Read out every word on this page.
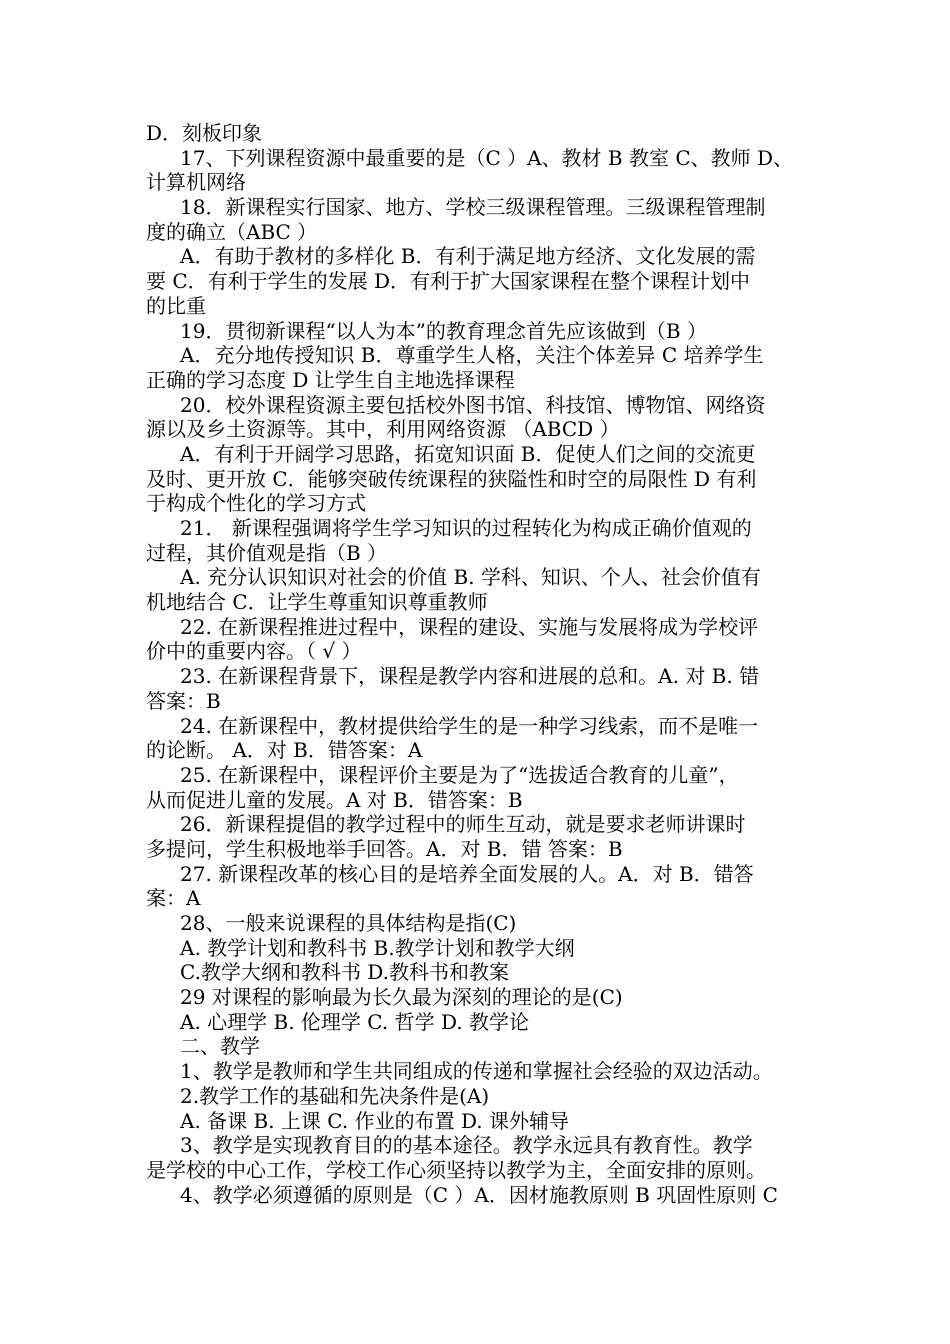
D．刻板印象
17、下列课程资源中最重要的是（C ）A、教材 B 教室 C、教师 D、
计算机网络
18．新课程实行国家、地方、学校三级课程管理。三级课程管理制
度的确立（ABC ）
A．有助于教材的多样化 B．有利于满足地方经济、文化发展的需
要 C．有利于学生的发展 D．有利于扩大国家课程在整个课程计划中
的比重
19．贯彻新课程“以人为本”的教育理念首先应该做到（B ）
A．充分地传授知识 B．尊重学生人格，关注个体差异 C 培养学生
正确的学习态度 D 让学生自主地选择课程
20．校外课程资源主要包括校外图书馆、科技馆、博物馆、网络资
源以及乡土资源等。其中，利用网络资源 （ABCD ）
A．有利于开阔学习思路，拓宽知识面 B．促使人们之间的交流更
及时、更开放 C．能够突破传统课程的狭隘性和时空的局限性 D 有利
于构成个性化的学习方式
21． 新课程强调将学生学习知识的过程转化为构成正确价值观的
过程，其价值观是指（B ）
A. 充分认识知识对社会的价值 B. 学科、知识、个人、社会价值有
机地结合 C．让学生尊重知识尊重教师
22. 在新课程推进过程中，课程的建设、实施与发展将成为学校评
价中的重要内容。（ √ ）
23. 在新课程背景下，课程是教学内容和进展的总和。A. 对 B. 错
答案：B
24. 在新课程中，教材提供给学生的是一种学习线索，而不是唯一
的论断。 A．对 B．错答案：A
25. 在新课程中，课程评价主要是为了“选拔适合教育的儿童”，
从而促进儿童的发展。A 对 B．错答案：B
26．新课程提倡的教学过程中的师生互动，就是要求老师讲课时
多提问，学生积极地举手回答。A．对 B．错 答案：B
27. 新课程改革的核心目的是培养全面发展的人。A．对 B．错答
案：A
28、一般来说课程的具体结构是指(C)
A. 教学计划和教科书 B.教学计划和教学大纲
C.教学大纲和教科书 D.教科书和教案
29 对课程的影响最为长久最为深刻的理论的是(C)
A. 心理学 B. 伦理学 C. 哲学 D. 教学论
二、教学
1、教学是教师和学生共同组成的传递和掌握社会经验的双边活动。
2.教学工作的基础和先决条件是(A)
A. 备课 B. 上课 C. 作业的布置 D. 课外辅导
3、教学是实现教育目的的基本途径。教学永远具有教育性。教学
是学校的中心工作，学校工作心须坚持以教学为主，全面安排的原则。
4、教学必须遵循的原则是（C ）A．因材施教原则 B 巩固性原则 C
